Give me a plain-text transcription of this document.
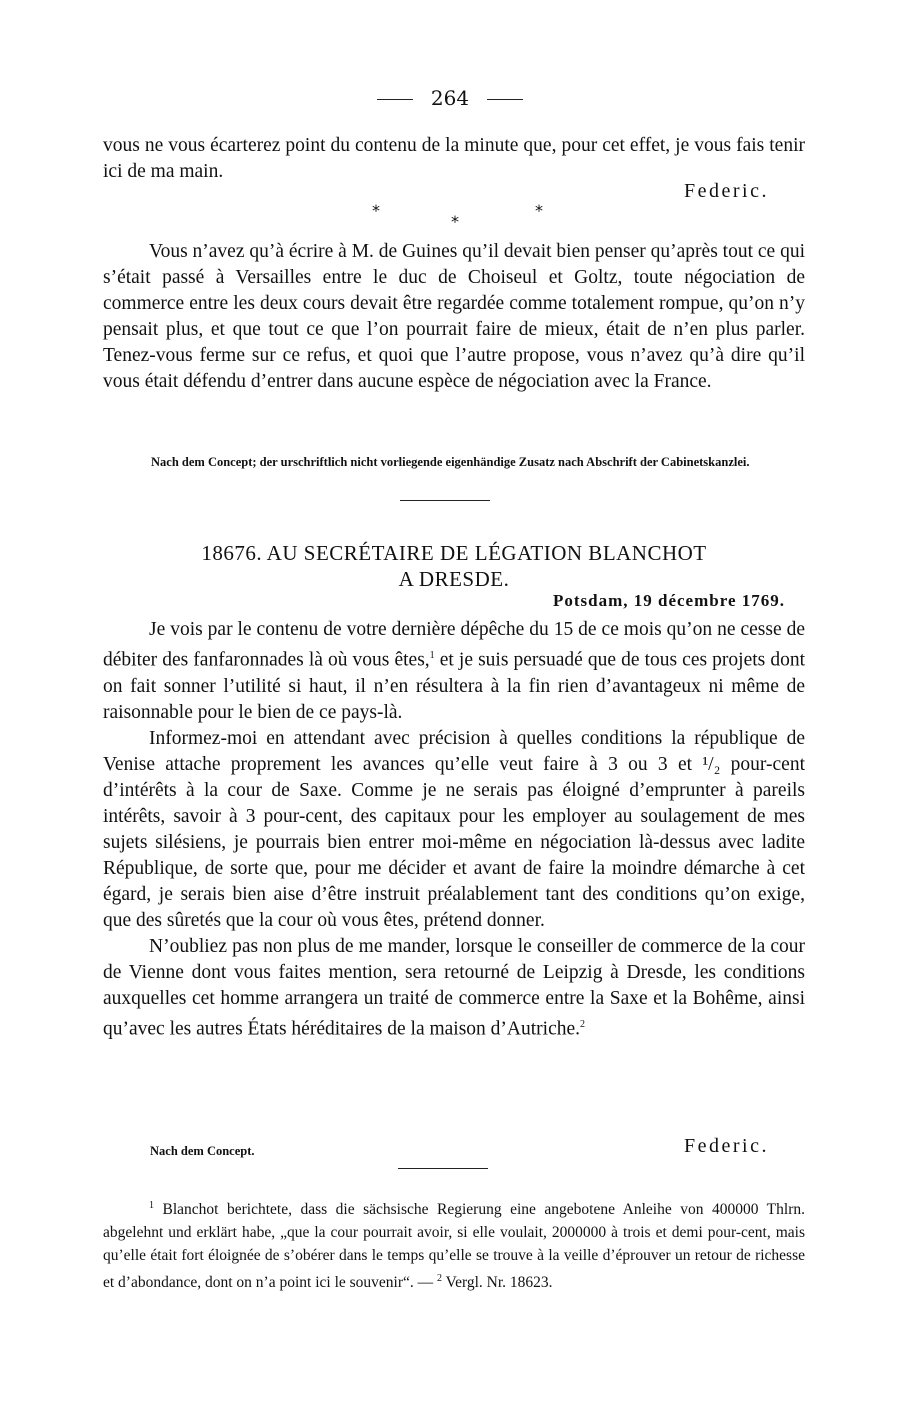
264

vous ne vous écarterez point du contenu de la minute que, pour cet effet, je vous fais tenir ici de ma main.

Federic.
*
*
*

Vous n’avez qu’à écrire à M. de Guines qu’il devait bien penser qu’après tout ce qui s’était passé à Versailles entre le duc de Choiseul et Goltz, toute négociation de commerce entre les deux cours devait être regardée comme totalement rompue, qu’on n’y pensait plus, et que tout ce que l’on pourrait faire de mieux, était de n’en plus parler. Tenez-vous ferme sur ce refus, et quoi que l’autre propose, vous n’avez qu’à dire qu’il vous était défendu d’entrer dans aucune espèce de négociation avec la France.

Nach dem Concept; der urschriftlich nicht vorliegende eigenhändige Zusatz nach Abschrift der Cabinetskanzlei.

18676. AU SECRÉTAIRE DE LÉGATION BLANCHOT
A DRESDE.
Potsdam, 19 décembre 1769.

Je vois par le contenu de votre dernière dépêche du 15 de ce mois qu’on ne cesse de débiter des fanfaronnades là où vous êtes,$^1$ et je suis persuadé que de tous ces projets dont on fait sonner l’utilité si haut, il n’en résultera à la fin rien d’avantageux ni même de raisonnable pour le bien de ce pays-là.

Informez-moi en attendant avec précision à quelles conditions la république de Venise attache proprement les avances qu’elle veut faire à 3 ou 3 et ¹/₂ pour-cent d’intérêts à la cour de Saxe. Comme je ne serais pas éloigné d’emprunter à pareils intérêts, savoir à 3 pour-cent, des capitaux pour les employer au soulagement de mes sujets silésiens, je pourrais bien entrer moi-même en négociation là-dessus avec ladite République, de sorte que, pour me décider et avant de faire la moindre démarche à cet égard, je serais bien aise d’être instruit préalablement tant des conditions qu’on exige, que des sûretés que la cour où vous êtes, prétend donner.

N’oubliez pas non plus de me mander, lorsque le conseiller de commerce de la cour de Vienne dont vous faites mention, sera retourné de Leipzig à Dresde, les conditions auxquelles cet homme arrangera un traité de commerce entre la Saxe et la Bohême, ainsi qu’avec les autres États héréditaires de la maison d’Autriche.$^2$

Nach dem Concept.	Federic.

$^1$ Blanchot berichtete, dass die sächsische Regierung eine angebotene Anleihe von 400000 Thlrn. abgelehnt und erklärt habe, „que la cour pourrait avoir, si elle voulait, 2000000 à trois et demi pour-cent, mais qu’elle était fort éloignée de s’obérer dans le temps qu’elle se trouve à la veille d’éprouver un retour de richesse et d’abondance, dont on n’a point ici le souvenir“. — $^2$ Vergl. Nr. 18623.
